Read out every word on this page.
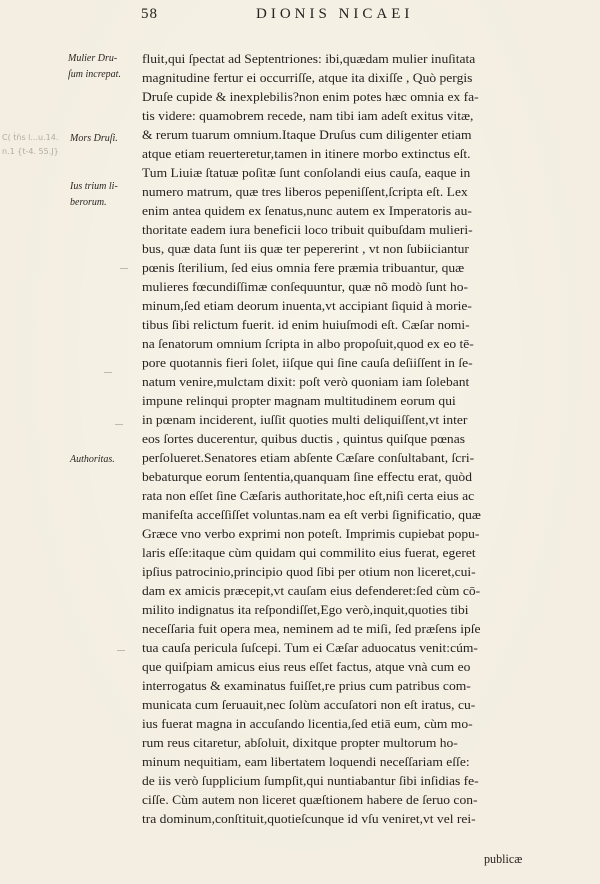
58	DIONIS NICAEI
Mulier Dru-
ſum increpat.
Mors Druſi.
Ius trium li-
berorum.
Authoritas.
C( ṫn̈s l...u.14.
n.1 {t-4. 55.J}
fluit,qui ſpectat ad Septentriones: ibi,quædam mulier inuſitata
magnitudine fertur ei occurriſſe, atque ita dixiſſe , Quò pergis
Druſe cupide & inexplebilis?non enim potes hæc omnia ex fa-
tis videre: quamobrem recede, nam tibi iam adeſt exitus vitæ,
& rerum tuarum omnium.Itaque Druſus cum diligenter etiam
atque etiam reuerteretur,tamen in itinere morbo extinctus eſt.
Tum Liuiæ ſtatuæ poſitæ ſunt conſolandi eius cauſa, eaque in
numero matrum, quæ tres liberos pepeniſſent,ſcripta eſt. Lex
enim antea quidem ex ſenatus,nunc autem ex Imperatoris au-
thoritate eadem iura beneficii loco tribuit quibuſdam mulieri-
bus, quæ data ſunt iis quæ ter pepererint , vt non ſubiiciantur
pœnis ſterilium, ſed eius omnia fere præmia tribuantur, quæ
mulieres fœcundiſſimæ conſequuntur, quæ nõ modò ſunt ho-
minum,ſed etiam deorum inuenta,vt accipiant ſiquid à morie-
tibus ſibi relictum fuerit. id enim huiuſmodi eſt. Cæſar nomi-
na ſenatorum omnium ſcripta in albo propoſuit,quod ex eo tē-
pore quotannis fieri ſolet, iiſque qui ſine cauſa deſiiſſent in ſe-
natum venire,mulctam dixit: poſt verò quoniam iam ſolebant
impune relinqui propter magnam multitudinem eorum qui
in pœnam inciderent, iuſſit quoties multi deliquiſſent,vt inter
eos ſortes ducerentur, quibus ductis , quintus quiſque pœnas
perſolueret.Senatores etiam abſente Cæſare conſultabant, ſcri-
bebaturque eorum ſententia,quanquam ſine effectu erat, quòd
rata non eſſet ſine Cæſaris authoritate,hoc eſt,niſi certa eius ac
manifeſta acceſſiſſet voluntas.nam ea eſt verbi ſignificatio, quæ
Græce vno verbo exprimi non poteſt. Imprimis cupiebat popu-
laris eſſe:itaque cùm quidam qui commilito eius fuerat, egeret
ipſius patrocinio,principio quod ſibi per otium non liceret,cui-
dam ex amicis præcepit,vt cauſam eius defenderet:ſed cùm cō-
milito indignatus ita reſpondiſſet,Ego verò,inquit,quoties tibi
neceſſaria fuit opera mea, neminem ad te miſi, ſed præſens ipſe
tua cauſa pericula ſuſcepi. Tum ei Cæſar aduocatus venit:cúm-
que quiſpiam amicus eius reus eſſet factus, atque vnà cum eo
interrogatus & examinatus fuiſſet,re prius cum patribus com-
municata cum ſeruauit,nec ſolùm accuſatori non eſt iratus, cu-
ius fuerat magna in accuſando licentia,ſed etiā eum, cùm mo-
rum reus citaretur, abſoluit, dixitque propter multorum ho-
minum nequitiam, eam libertatem loquendi neceſſariam eſſe:
de iis verò ſupplicium ſumpſit,qui nuntiabantur ſibi inſidias fe-
ciſſe. Cùm autem non liceret quæſtionem habere de ſeruo con-
tra dominum,conſtituit,quotieſcunque id vſu veniret,vt vel rei-
publicæ
